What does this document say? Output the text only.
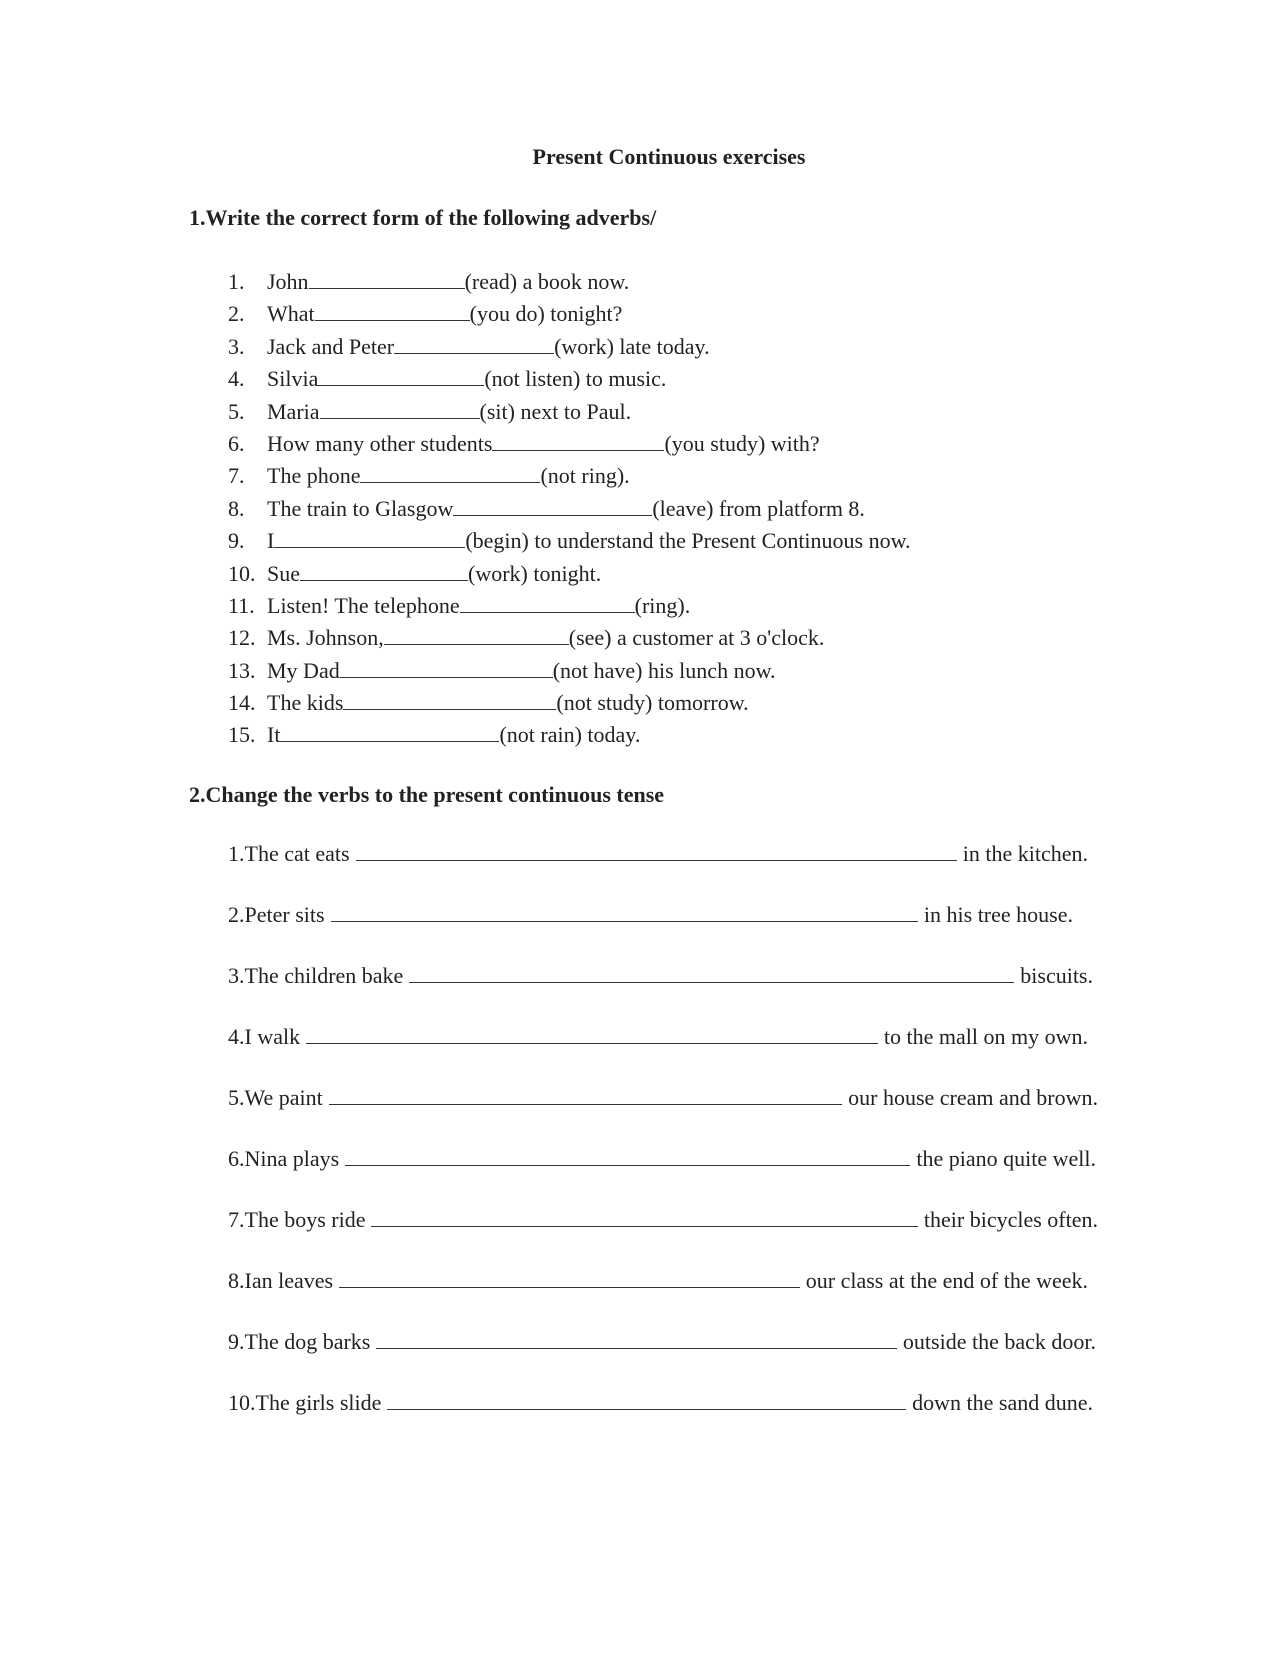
Present Continuous exercises
1.Write the correct form of the following adverbs/
1.	John	(read) a book now.
2.	What	(you do) tonight?
3.	Jack and Peter	(work) late today.
4.	Silvia	(not listen) to music.
5.	Maria	(sit) next to Paul.
6.	How many other students	(you study) with?
7.	The phone	(not ring).
8.	The train to Glasgow	(leave) from platform 8.
9.	I	(begin) to understand the Present Continuous now.
10. Sue	(work) tonight.
11. Listen! The telephone	(ring).
12. Ms. Johnson,	(see) a customer at 3 o'clock.
13. My Dad	(not have) his lunch now.
14. The kids	(not study) tomorrow.
15. It	(not rain) today.
2.Change the verbs to the present continuous tense
1.The cat eats	in the kitchen.
2.Peter sits	in his tree house.
3.The children bake	biscuits.
4.I walk	to the mall on my own.
5.We paint	our house cream and brown.
6.Nina plays	the piano quite well.
7.The boys ride	their bicycles often.
8.Ian leaves	our class at the end of the week.
9.The dog barks	outside the back door.
10.The girls slide	down the sand dune.
